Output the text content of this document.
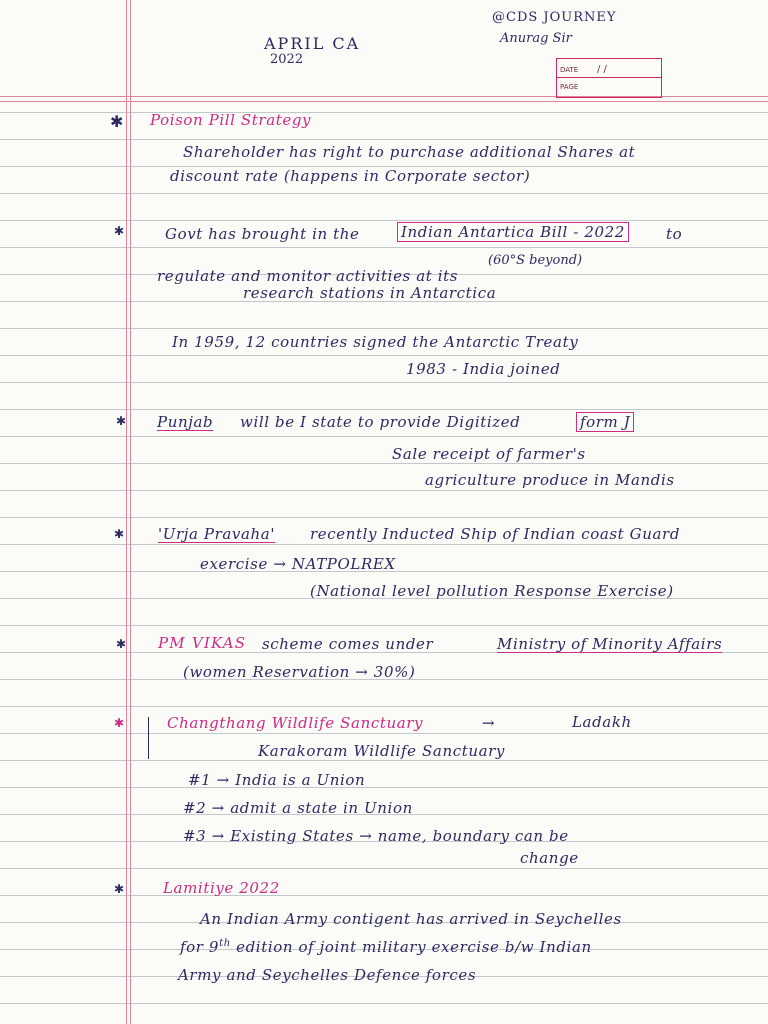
APRIL CA
2022
@CDS JOURNEY
Anurag Sir
DATE / /
PAGE
✱ Poison Pill Strategy
Shareholder has right to purchase additional Shares at
discount rate (happens in Corporate sector)
✱	Govt has brought in the	Indian Antartica Bill - 2022	to
(60°S beyond)
regulate and monitor activities at its
research stations in Antarctica
In 1959, 12 countries signed the Antarctic Treaty
1983 - India joined
✱ Punjab will be I state to provide Digitized	form J
Sale receipt of farmer's
agriculture produce in Mandis
✱ 'Urja Pravaha' recently Inducted Ship of Indian coast Guard
exercise → NATPOLREX
(National level pollution Response Exercise)
✱ PM VIKAS scheme comes under	Ministry of Minority Affairs
(women Reservation → 30%)
✱	Changthang Wildlife Sanctuary	→	Ladakh
Karakoram Wildlife Sanctuary
#1 → India is a Union
#2 → admit a state in Union
#3 → Existing States → name, boundary can be
change
✱	Lamitiye 2022
An Indian Army contigent has arrived in Seychelles
for 9th edition of joint military exercise b/w Indian
Army and Seychelles Defence forces
